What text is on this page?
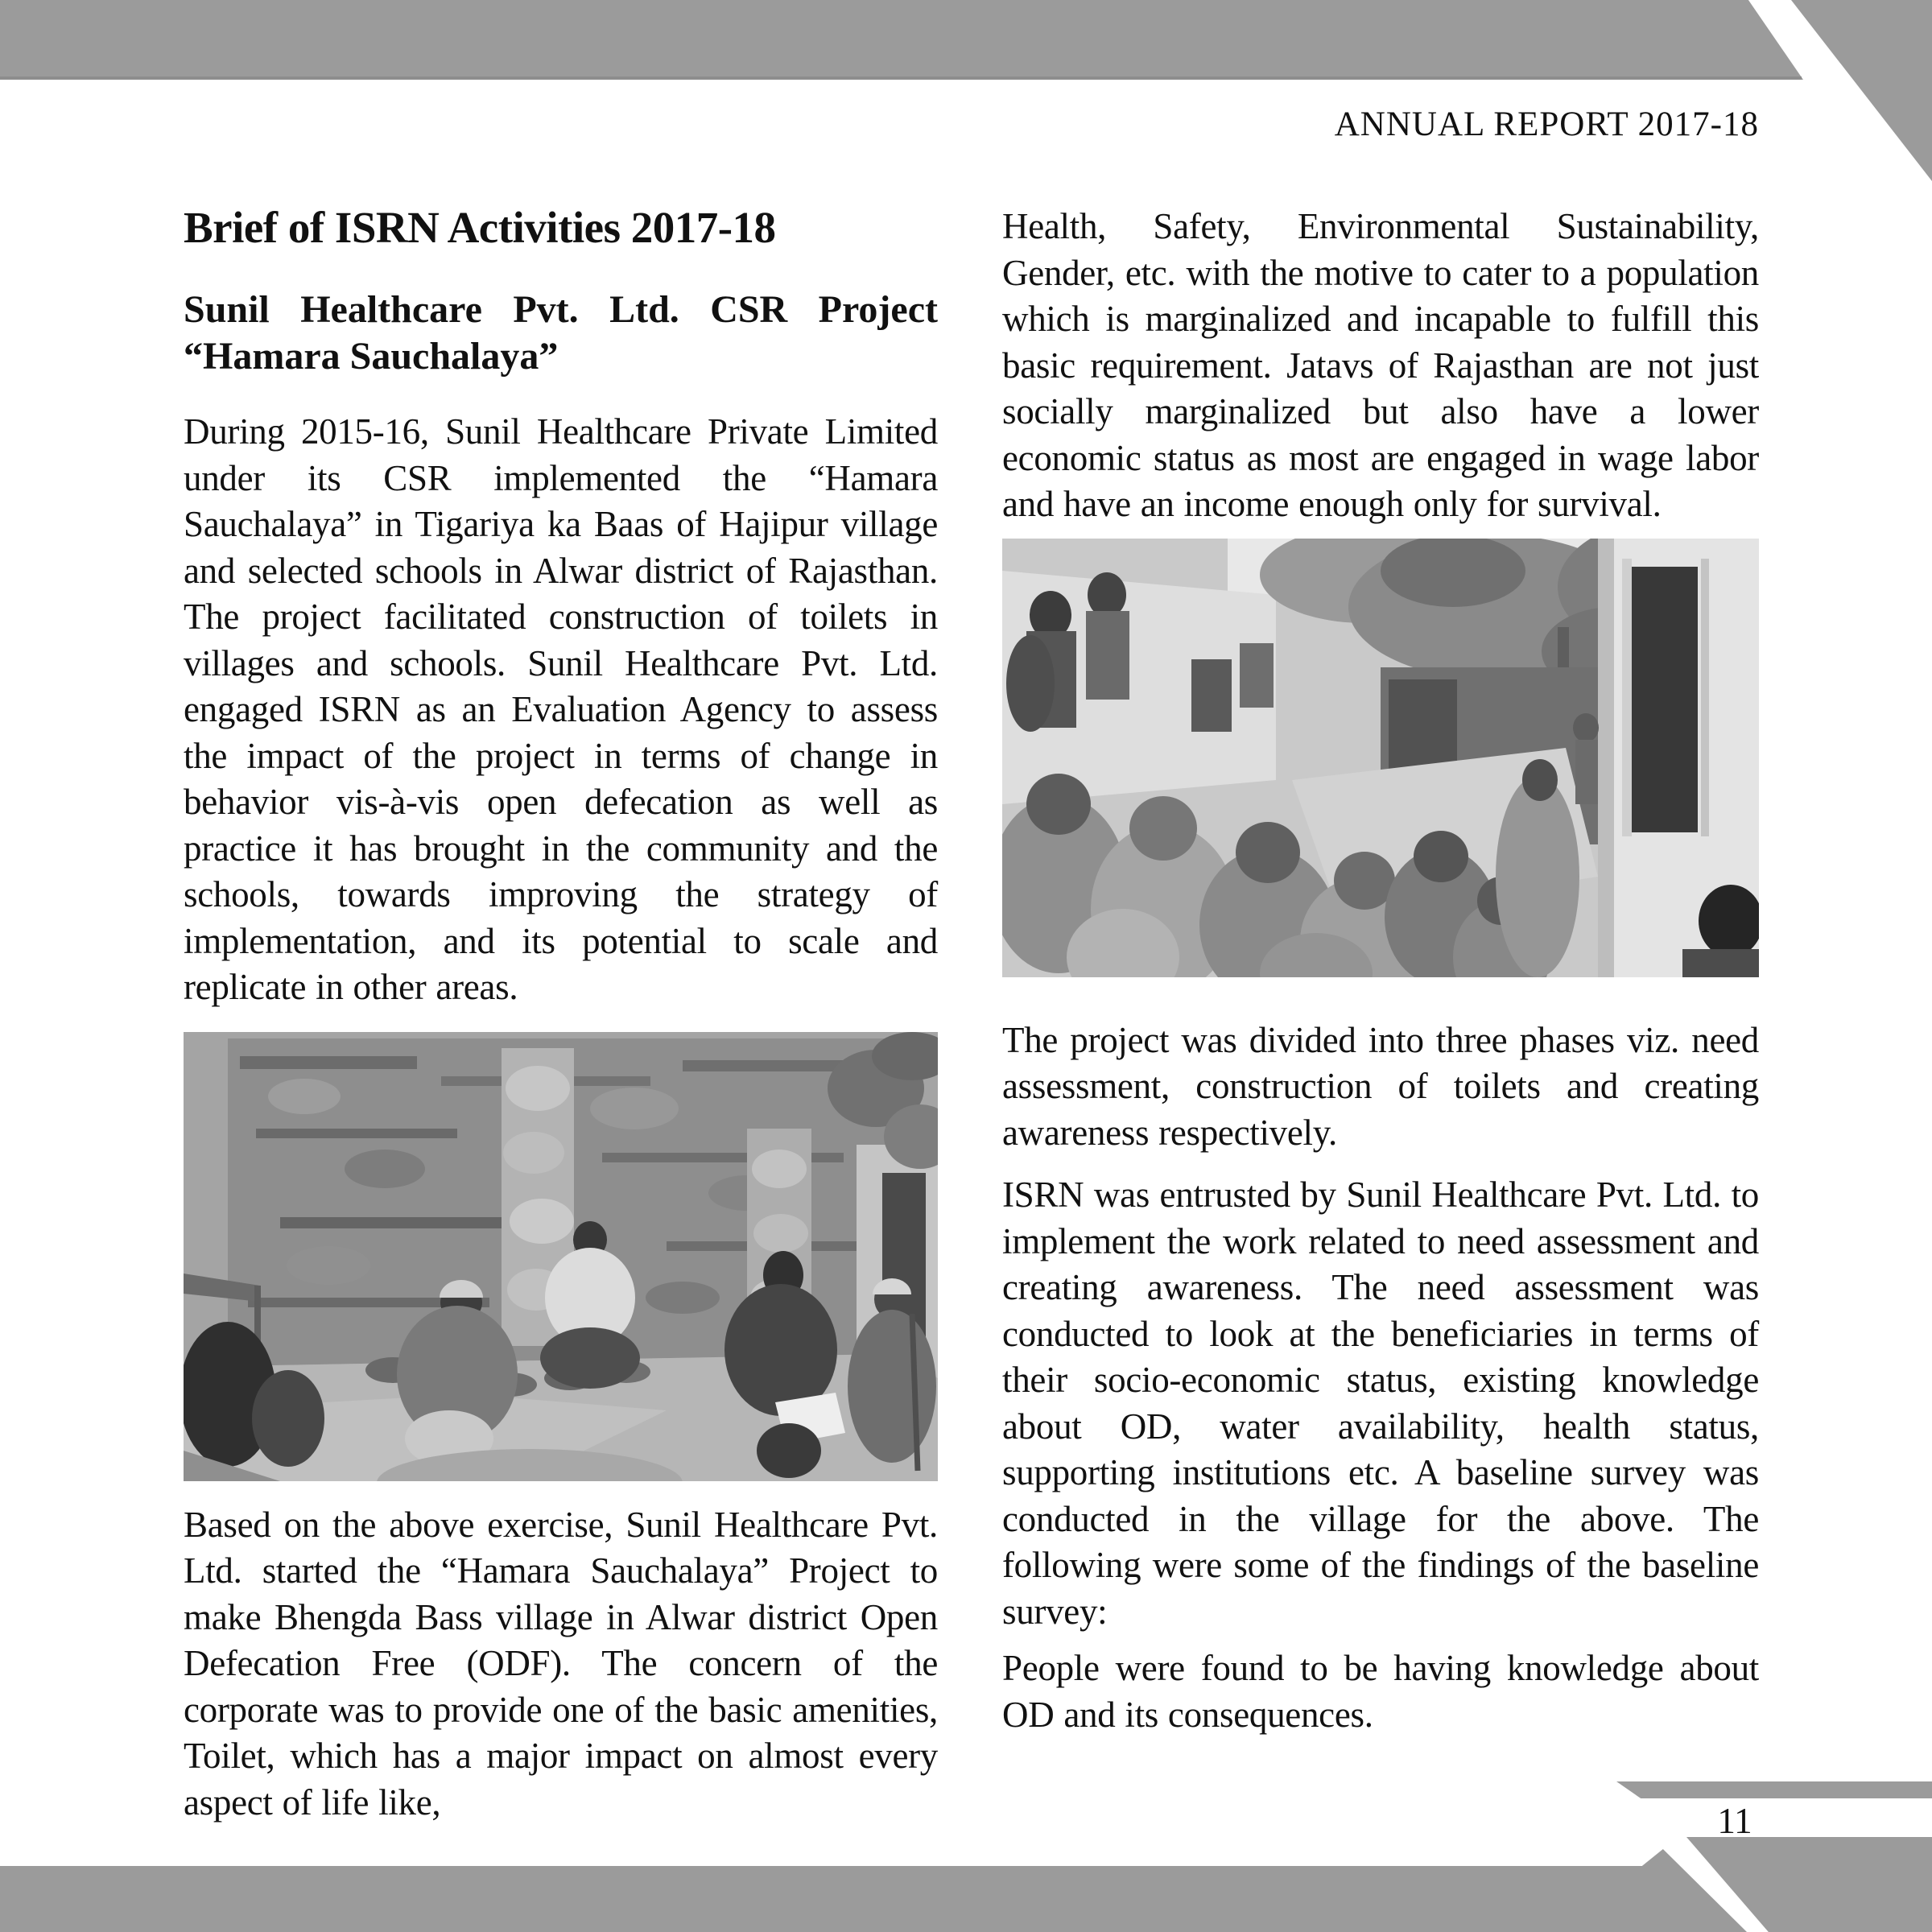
ANNUAL REPORT 2017-18
11
Brief of ISRN Activities 2017-18
Sunil Healthcare Pvt. Ltd. CSR Project “Hamara Sauchalaya”

During 2015-16, Sunil Healthcare Private Limited under its CSR implemented the “Hamara Sauchalaya” in Tigariya ka Baas of Hajipur village and selected schools in Alwar district of Rajasthan. The project facilitated construction of toilets in villages and schools. Sunil Healthcare Pvt. Ltd. engaged ISRN as an Evaluation Agency to assess the impact of the project in terms of change in behavior vis-à-vis open defecation as well as practice it has brought in the community and the schools, towards improving the strategy of implementation, and its potential to scale and replicate in other areas.

Based on the above exercise, Sunil Healthcare Pvt. Ltd. started the “Hamara Sauchalaya” Project to make Bhengda Bass village in Alwar district Open Defecation Free (ODF). The concern of the corporate was to provide one of the basic amenities, Toilet, which has a major impact on almost every aspect of life like,

Health, Safety, Environmental Sustainability, Gender, etc. with the motive to cater to a population which is marginalized and incapable to fulfill this basic requirement. Jatavs of Rajasthan are not just socially marginalized but also have a lower economic status as most are engaged in wage labor and have an income enough only for survival.

The project was divided into three phases viz. need assessment, construction of toilets and creating awareness respectively.

ISRN was entrusted by Sunil Healthcare Pvt. Ltd. to implement the work related to need assessment and creating awareness. The need assessment was conducted to look at the beneficiaries in terms of their socio-economic status, existing knowledge about OD, water availability, health status, supporting institutions etc. A baseline survey was conducted in the village for the above. The following were some of the findings of the baseline survey:

People were found to be having knowledge about OD and its consequences.
